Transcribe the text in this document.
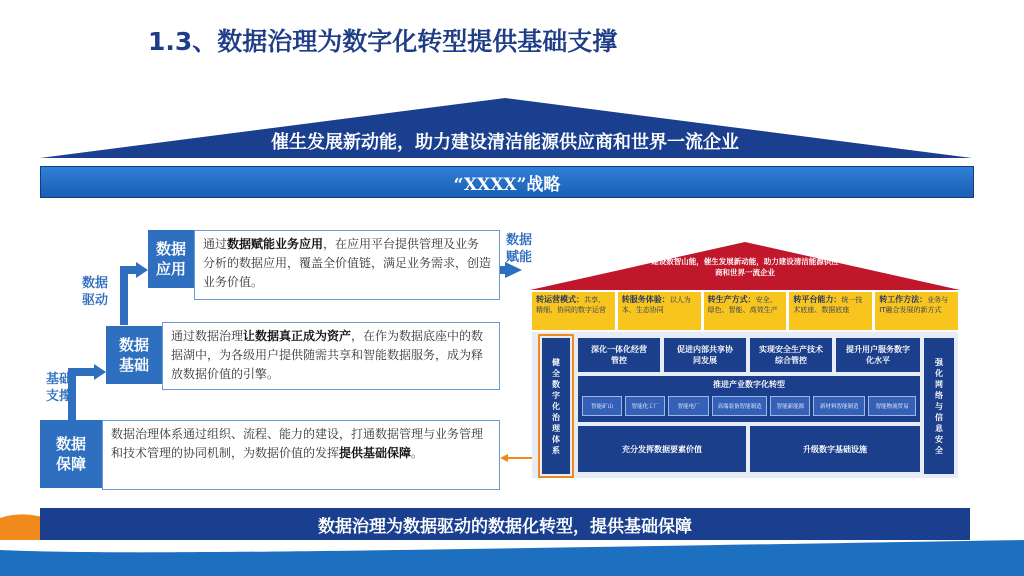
1.3、数据治理为数字化转型提供基础支撑
催生发展新动能，助力建设清洁能源供应商和世界一流企业
“XXXX”战略
数据驱动
基础支撑
数据赋能
数据应用
通过数据赋能业务应用，在应用平台提供管理及业务分析的数据应用，覆盖全价值链，满足业务需求，创造业务价值。
数据基础
通过数据治理让数据真正成为资产，在作为数据底座中的数据湖中，为各级用户提供随需共享和智能数据服务，成为释放数据价值的引擎。
数据保障
数据治理体系通过组织、流程、能力的建设，打通数据管理与业务管理和技术管理的协同机制，为数据价值的发挥提供基础保障。
建设数智山能，催生发展新动能，助力建设清洁能源供应商和世界一流企业
转运营模式：共享、精细、协同的数字运营
转服务体验：以人为本、生态协同
转生产方式：安全、绿色、智能、高效生产
转平台能力：统一技术底座、数据底座
转工作方法：业务与IT融合发展的新方式
健全数字化治理体系
强化网络与信息安全
深化一体化经营管控
促进内部共享协同发展
实现安全生产技术综合管控
提升用户服务数字化水平
推进产业数字化转型
智能矿山	智能化工厂	智能电厂	高端装备智能制造	智能新能源	新材料智能制造	智能物流贸易
充分发挥数据要素价值	升级数字基础设施
数据治理为数据驱动的数据化转型，提供基础保障
